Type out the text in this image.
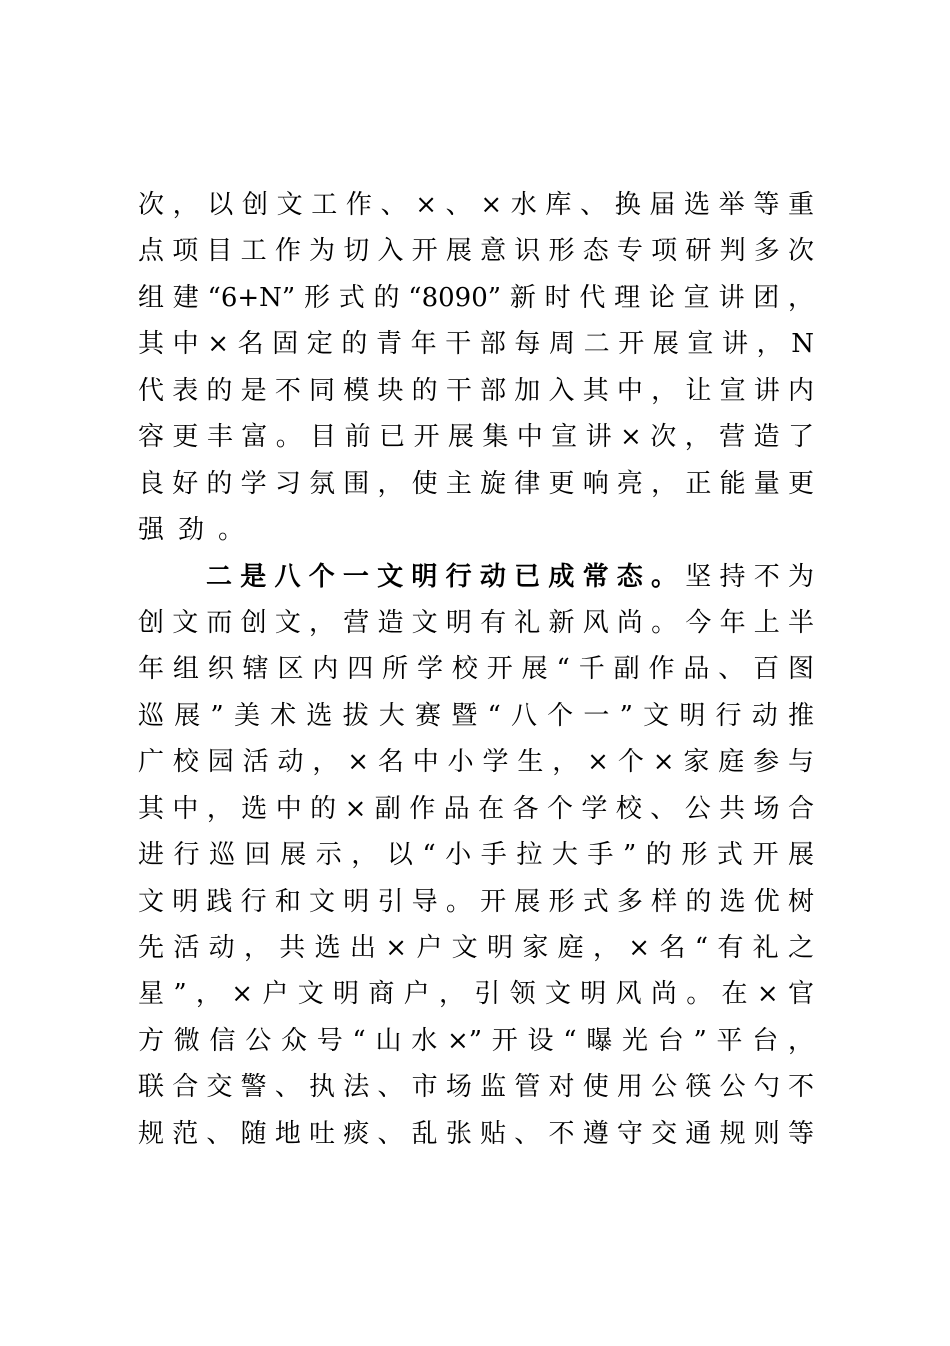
次，以创文工作、×、×水库、换届选举等重
点项目工作为切入开展意识形态专项研判多次
组建“6+N”形式的“8090”新时代理论宣讲团，
其中×名固定的青年干部每周二开展宣讲，N
代表的是不同模块的干部加入其中，让宣讲内
容更丰富。目前已开展集中宣讲×次，营造了
良好的学习氛围，使主旋律更响亮，正能量更
强劲。
二是八个一文明行动已成常态。坚持不为
创文而创文，营造文明有礼新风尚。今年上半
年组织辖区内四所学校开展“千副作品、百图
巡展”美术选拔大赛暨“八个一”文明行动推
广校园活动，×名中小学生，×个×家庭参与
其中，选中的×副作品在各个学校、公共场合
进行巡回展示，以“小手拉大手”的形式开展
文明践行和文明引导。开展形式多样的选优树
先活动，共选出×户文明家庭，×名“有礼之
星”，×户文明商户，引领文明风尚。在×官
方微信公众号“山水×”开设“曝光台”平台，
联合交警、执法、市场监管对使用公筷公勺不
规范、随地吐痰、乱张贴、不遵守交通规则等
